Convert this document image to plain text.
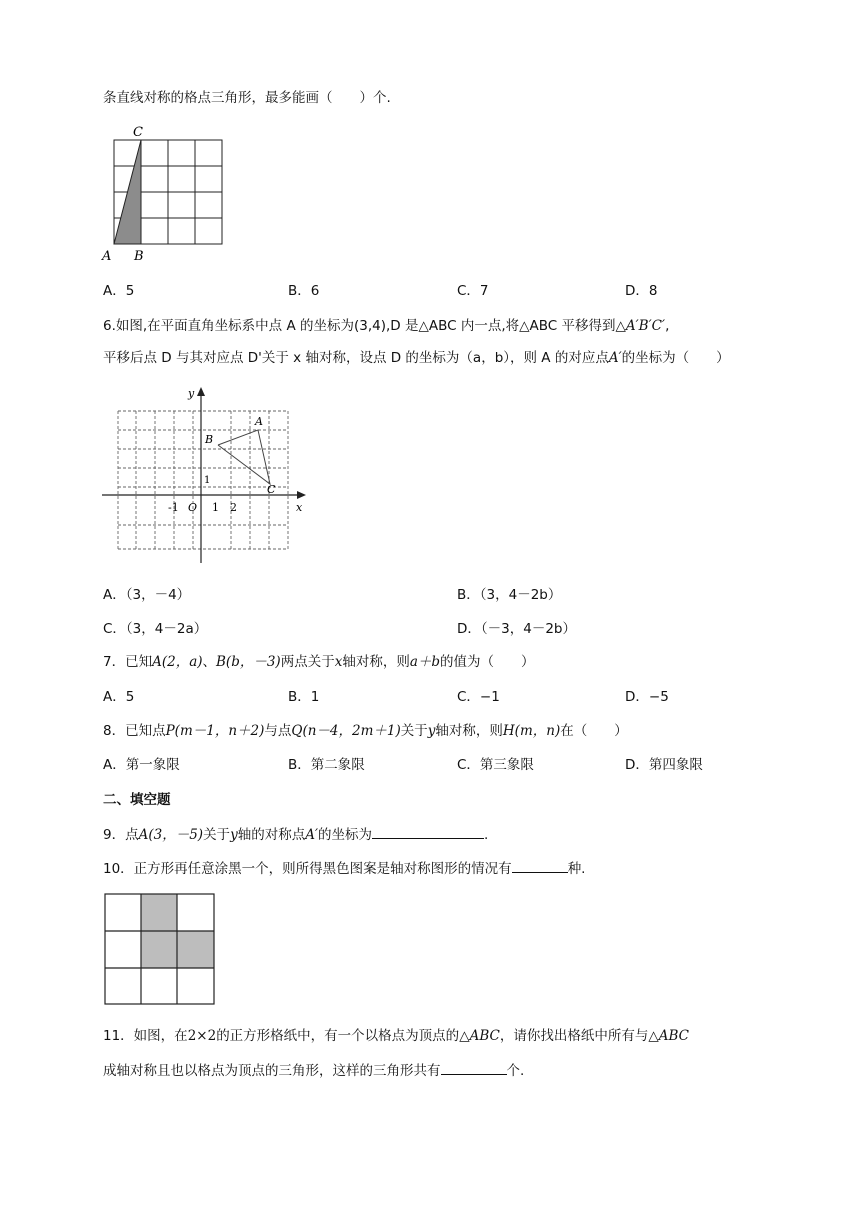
条直线对称的格点三角形，最多能画（　　）个.
C
A B
A．5	B．6	C．7	D．8
6.如图,在平面直角坐标系中点 A 的坐标为(3,4),D 是△ABC 内一点,将△ABC 平移得到△A′B′C′,
平移后点 D 与其对应点 D'关于 x 轴对称，设点 D 的坐标为（a，b），则 A 的对应点A′的坐标为（　　）
y
x
O
-1	1 2
1
A
B
C
A．（3，－4）	B．（3，4－2b）
C．（3，4－2a）	D．（－3，4－2b）
7．已知A(2，a)、B(b，－3)两点关于x轴对称，则a＋b的值为（　　）
A．5	B．1	C．−1	D．−5
8．已知点P(m－1，n＋2)与点Q(n－4，2m＋1)关于y轴对称，则H(m，n)在（　　）
A．第一象限	B．第二象限	C．第三象限	D．第四象限
二、填空题
9．点A(3，－5)关于y轴的对称点A′的坐标为	.
10．正方形再任意涂黑一个，则所得黑色图案是轴对称图形的情况有	种.
11．如图，在2×2的正方形格纸中，有一个以格点为顶点的△ABC，请你找出格纸中所有与△ABC
成轴对称且也以格点为顶点的三角形，这样的三角形共有	个.
